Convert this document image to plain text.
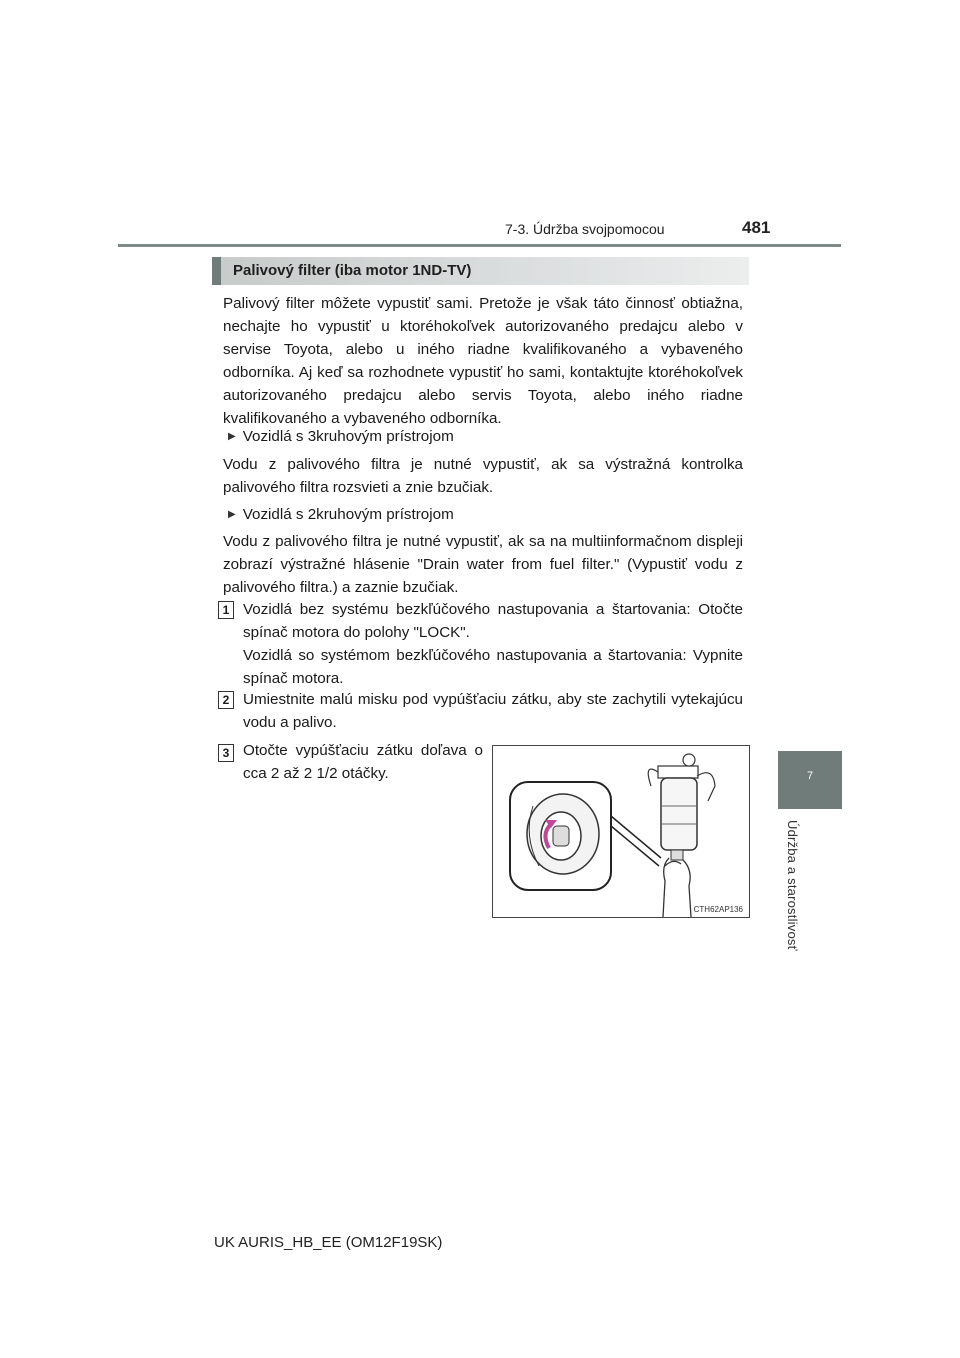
7-3. Údržba svojpomocou	481
7
Údržba a starostlivosť
Palivový filter (iba motor 1ND-TV)

Palivový filter môžete vypustiť sami. Pretože je však táto činnosť obtiažna, nechajte ho vypustiť u ktoréhokoľvek autorizovaného predajcu alebo v servise Toyota, alebo u iného riadne kvalifikovaného a vybaveného odborníka. Aj keď sa rozhodnete vypustiť ho sami, kontaktujte ktoréhokoľvek autorizovaného predajcu alebo servis Toyota, alebo iného riadne kvalifikovaného a vybaveného odborníka.

▶ Vozidlá s 3kruhovým prístrojom

Vodu z palivového filtra je nutné vypustiť, ak sa výstražná kontrolka palivového filtra rozsvieti a znie bzučiak.

▶ Vozidlá s 2kruhovým prístrojom

Vodu z palivového filtra je nutné vypustiť, ak sa na multiinformačnom displeji zobrazí výstražné hlásenie "Drain water from fuel filter." (Vypustiť vodu z palivového filtra.) a zaznie bzučiak.

1 Vozidlá bez systému bezkľúčového nastupovania a štartovania: Otočte spínač motora do polohy "LOCK".
Vozidlá so systémom bezkľúčového nastupovania a štartovania: Vypnite spínač motora.

2 Umiestnite malú misku pod vypúšťaciu zátku, aby ste zachytili vytekajúcu vodu a palivo.

3 Otočte vypúšťaciu zátku doľava o cca 2 až 2 1/2 otáčky.

CTH62AP136
UK AURIS_HB_EE (OM12F19SK)
